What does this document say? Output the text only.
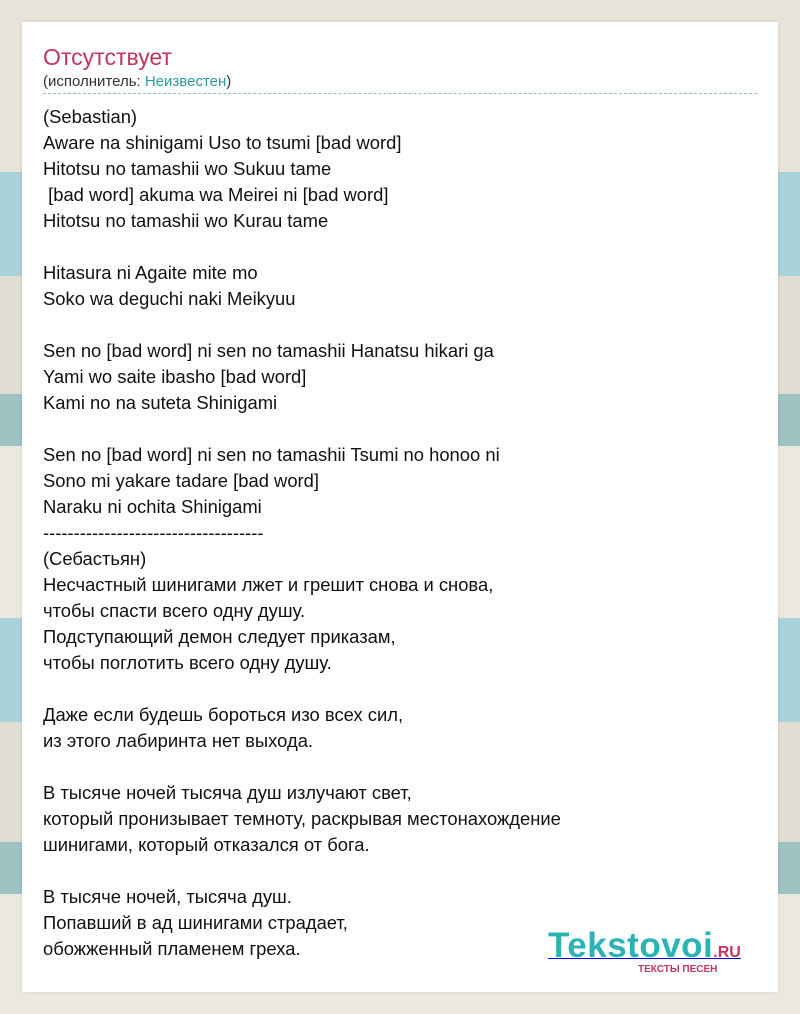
Отсутствует
(исполнитель: Неизвестен)
(Sebastian)
Aware na shinigami Uso to tsumi [bad word]
Hitotsu no tamashii wo Sukuu tame
[bad word] akuma wa Meirei ni [bad word]
Hitotsu no tamashii wo Kurau tame
Hitasura ni Agaite mite mo
Soko wa deguchi naki Meikyuu
Sen no [bad word] ni sen no tamashii Hanatsu hikari ga
Yami wo saite ibasho [bad word]
Kami no na suteta Shinigami
Sen no [bad word] ni sen no tamashii Tsumi no honoo ni
Sono mi yakare tadare [bad word]
Naraku ni ochita Shinigami
------------------------------------
(Себастьян)
Несчастный шинигами лжет и грешит снова и снова,
чтобы спасти всего одну душу.
Подступающий демон следует приказам,
чтобы поглотить всего одну душу.
Даже если будешь бороться изо всех сил,
из этого лабиринта нет выхода.
В тысяче ночей тысяча душ излучают свет,
который пронизывает темноту, раскрывая местонахождение
шинигами, который отказался от бога.
В тысяче ночей, тысяча душ.
Попавший в ад шинигами страдает,
обожженный пламенем греха.	Tekstovoi.RU
ТЕКСТЫ ПЕСЕН
